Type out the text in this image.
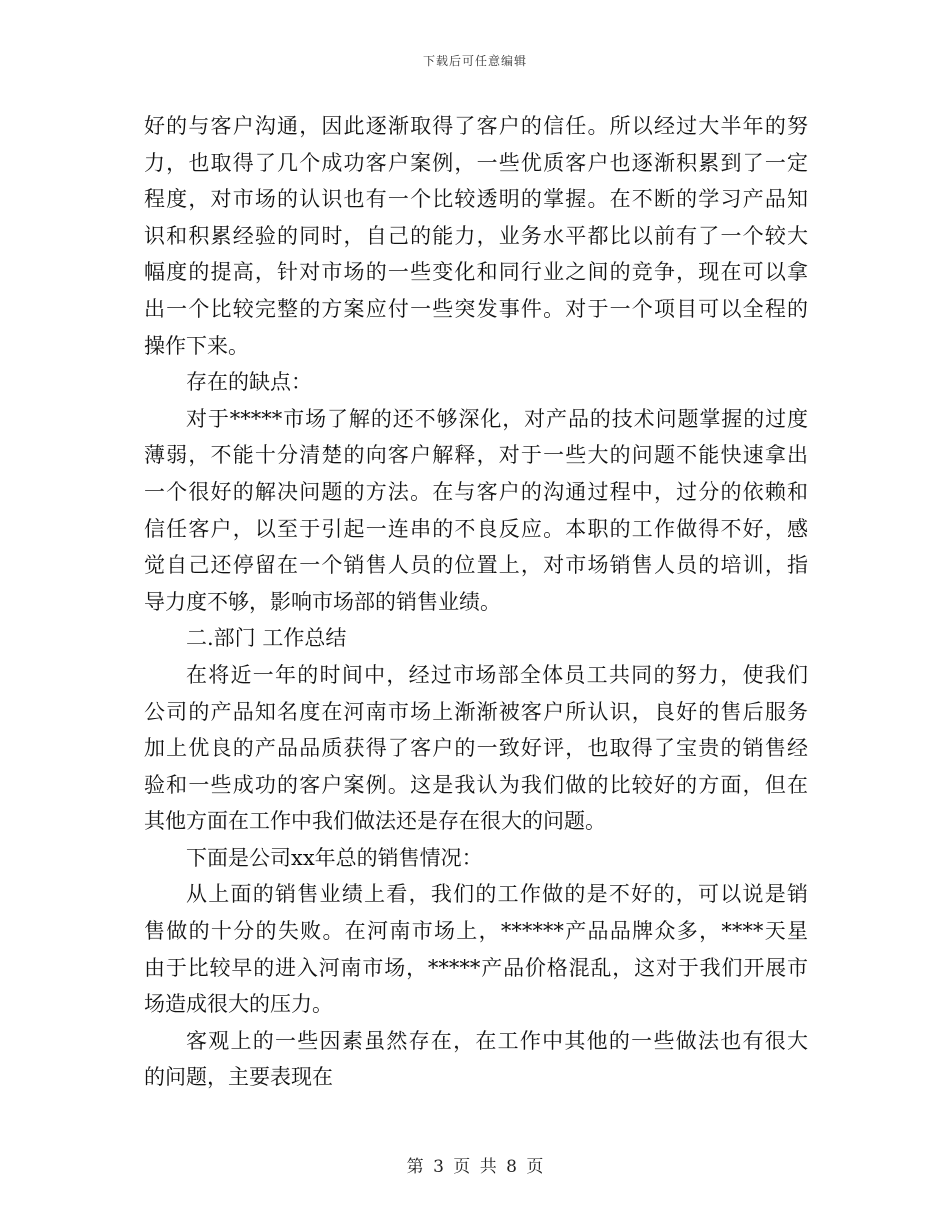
下载后可任意编辑
好的与客户沟通，因此逐渐取得了客户的信任。所以经过大半年的努
力，也取得了几个成功客户案例，一些优质客户也逐渐积累到了一定
程度，对市场的认识也有一个比较透明的掌握。在不断的学习产品知
识和积累经验的同时，自己的能力，业务水平都比以前有了一个较大
幅度的提高，针对市场的一些变化和同行业之间的竞争，现在可以拿
出一个比较完整的方案应付一些突发事件。对于一个项目可以全程的
操作下来。
存在的缺点：
对于*****市场了解的还不够深化，对产品的技术问题掌握的过度
薄弱，不能十分清楚的向客户解释，对于一些大的问题不能快速拿出
一个很好的解决问题的方法。在与客户的沟通过程中，过分的依赖和
信任客户，以至于引起一连串的不良反应。本职的工作做得不好，感
觉自己还停留在一个销售人员的位置上，对市场销售人员的培训，指
导力度不够，影响市场部的销售业绩。
二.部门 工作总结
在将近一年的时间中，经过市场部全体员工共同的努力，使我们
公司的产品知名度在河南市场上渐渐被客户所认识，良好的售后服务
加上优良的产品品质获得了客户的一致好评，也取得了宝贵的销售经
验和一些成功的客户案例。这是我认为我们做的比较好的方面，但在
其他方面在工作中我们做法还是存在很大的问题。
下面是公司xx年总的销售情况：
从上面的销售业绩上看，我们的工作做的是不好的，可以说是销
售做的十分的失败。在河南市场上，******产品品牌众多，****天星
由于比较早的进入河南市场，*****产品价格混乱，这对于我们开展市
场造成很大的压力。
客观上的一些因素虽然存在，在工作中其他的一些做法也有很大
的问题，主要表现在
第 3 页 共 8 页
